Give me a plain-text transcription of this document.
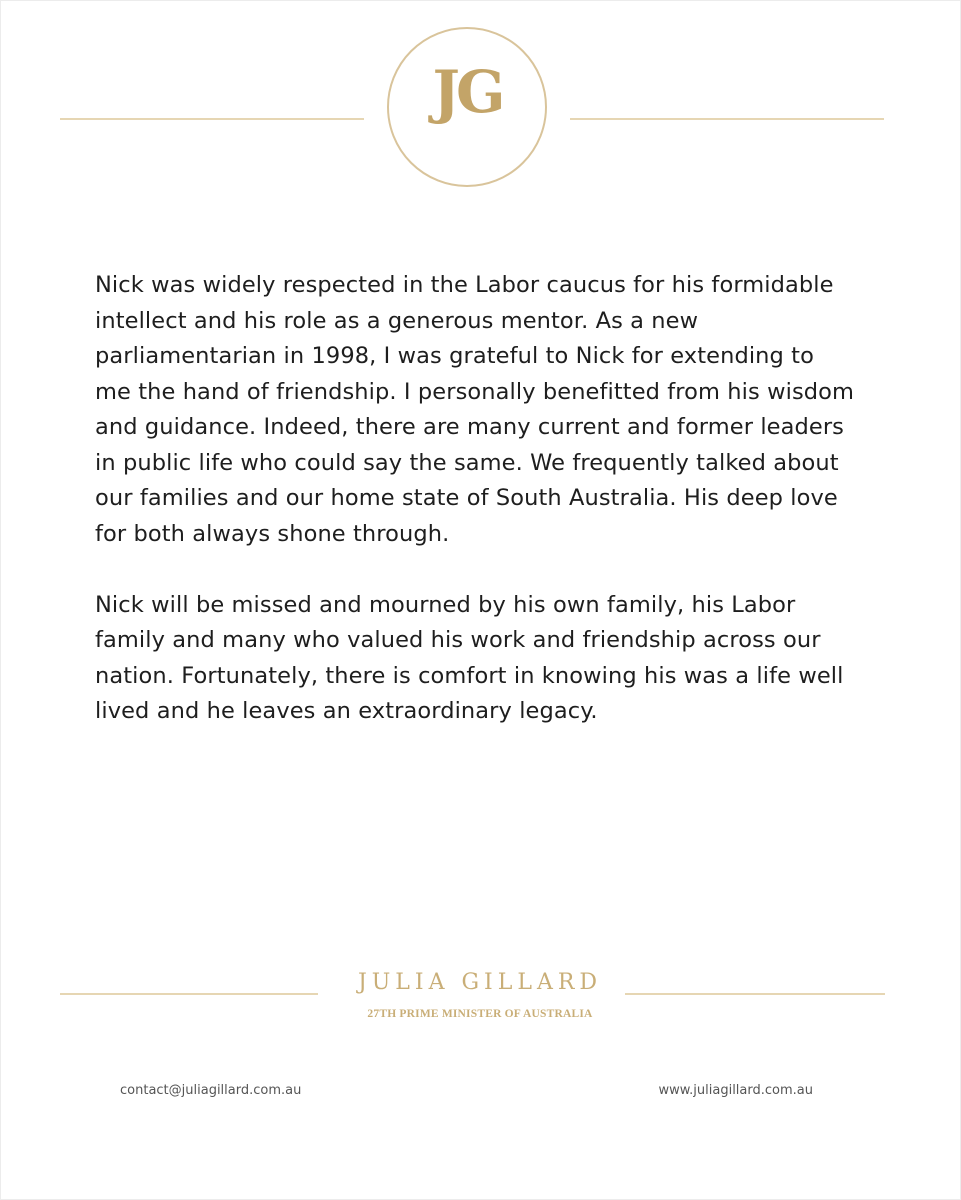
JG

Nick was widely respected in the Labor caucus for his formidable intellect and his role as a generous mentor. As a new parliamentarian in 1998, I was grateful to Nick for extending to me the hand of friendship. I personally benefitted from his wisdom and guidance. Indeed, there are many current and former leaders in public life who could say the same. We frequently talked about our families and our home state of South Australia. His deep love for both always shone through.

Nick will be missed and mourned by his own family, his Labor family and many who valued his work and friendship across our nation. Fortunately, there is comfort in knowing his was a life well lived and he leaves an extraordinary legacy.

JULIA GILLARD
27TH PRIME MINISTER OF AUSTRALIA
contact@juliagillard.com.au	www.juliagillard.com.au
